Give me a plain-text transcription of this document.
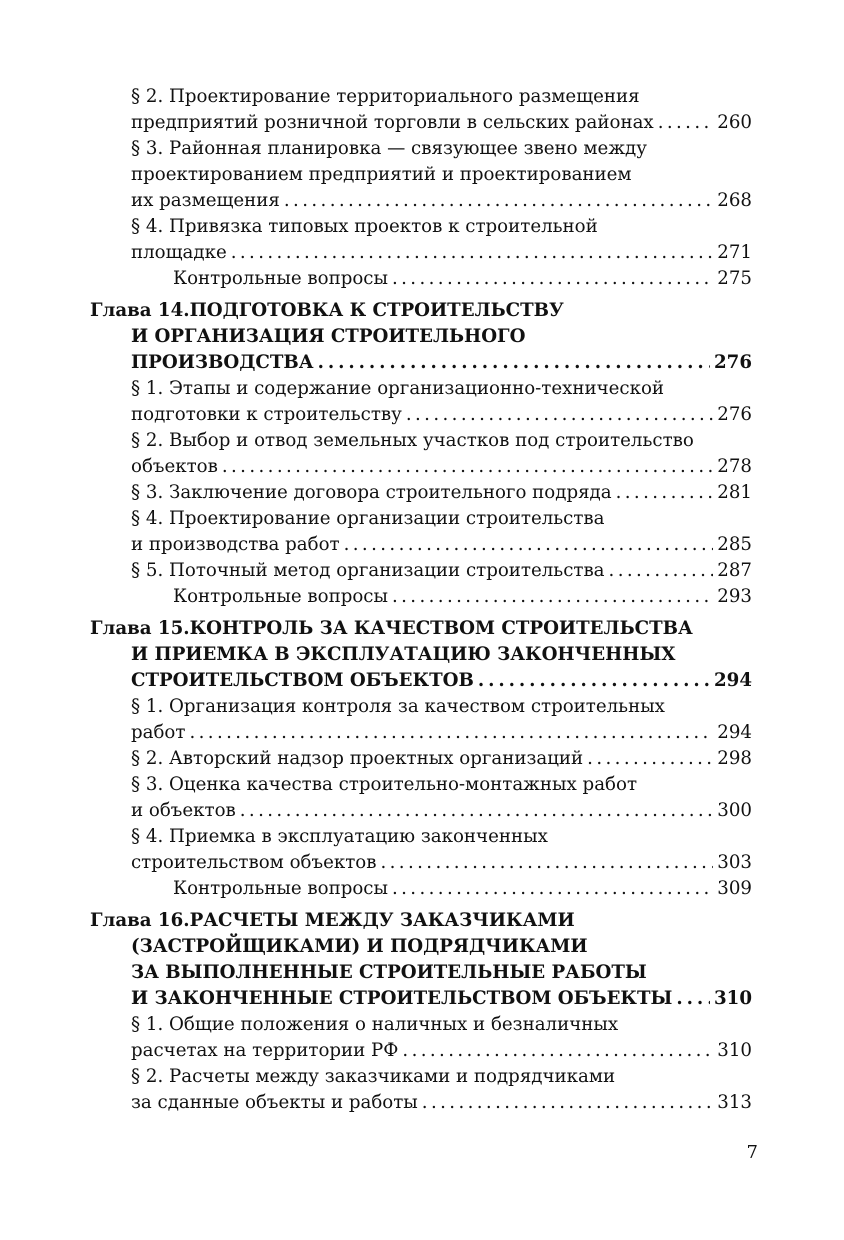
§ 2. Проектирование территориального размещения
предприятий розничной торговли в сельских районах . . .	260
§ 3. Районная планировка — связующее звено между
проектированием предприятий и проектированием
их размещения . . .	268
§ 4. Привязка типовых проектов к строительной
площадке . . .	271
Контрольные вопросы . . .	275
Глава 14. ПОДГОТОВКА К СТРОИТЕЛЬСТВУ
И ОРГАНИЗАЦИЯ СТРОИТЕЛЬНОГО
ПРОИЗВОДСТВА . . .	276
§ 1. Этапы и содержание организационно-технической
подготовки к строительству . . .	276
§ 2. Выбор и отвод земельных участков под строительство
объектов . . .	278
§ 3. Заключение договора строительного подряда . . .	281
§ 4. Проектирование организации строительства
и производства работ . . .	285
§ 5. Поточный метод организации строительства . . .	287
Контрольные вопросы . . .	293
Глава 15. КОНТРОЛЬ ЗА КАЧЕСТВОМ СТРОИТЕЛЬСТВА
И ПРИЕМКА В ЭКСПЛУАТАЦИЮ ЗАКОНЧЕННЫХ
СТРОИТЕЛЬСТВОМ ОБЪЕКТОВ . . .	294
§ 1. Организация контроля за качеством строительных
работ . . .	294
§ 2. Авторский надзор проектных организаций . . .	298
§ 3. Оценка качества строительно-монтажных работ
и объектов . . .	300
§ 4. Приемка в эксплуатацию законченных
строительством объектов . . .	303
Контрольные вопросы . . .	309
Глава 16. РАСЧЕТЫ МЕЖДУ ЗАКАЗЧИКАМИ
(ЗАСТРОЙЩИКАМИ) И ПОДРЯДЧИКАМИ
ЗА ВЫПОЛНЕННЫЕ СТРОИТЕЛЬНЫЕ РАБОТЫ
И ЗАКОНЧЕННЫЕ СТРОИТЕЛЬСТВОМ ОБЪЕКТЫ . . . 310
§ 1. Общие положения о наличных и безналичных
расчетах на территории РФ . . .	310
§ 2. Расчеты между заказчиками и подрядчиками
за сданные объекты и работы . . .	313
7
